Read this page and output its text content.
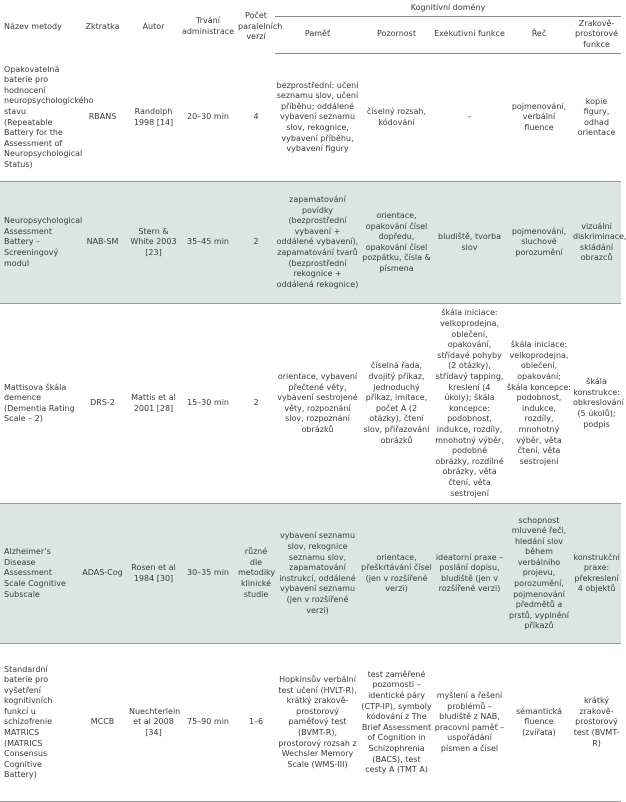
Název metody	Zktratka	Autor	Trvání administrace	Počet paralelních verzí	Kognitivní domény				
					Paměť	Pozornost	Exekutivní funkce	Řeč	Zrakově-prostorové funkce
Opakovatelná baterie pro hodnocení neuropsychologického stavu (Repeatable Battery for the Assessment of Neuropsychological Status)	RBANS	Randolph 1998 [14]	20–30 min	4	bezprostřední: učení seznamu slov, učení příběhu; oddálené vybavení seznamu slov, rekognice, vybavení příběhu, vybavení figury	číselný rozsah, kódování	–	pojmenování, verbální fluence	kopie figury, odhad orientace
Neuropsychological Assessment Battery – Screeningový modul	NAB-SM	Stern & White 2003 [23]	35–45 min	2	zapamatování povídky (bezprostřední vybavení + oddálené vybavení), zapamatování tvarů (bezprostřední rekognice + oddálená rekognice)	orientace, opakování čísel dopředu, opakování čísel pozpátku, čísla & písmena	bludiště, tvorba slov	pojmenování, sluchové porozumění	vizuální diskriminace, skládání obrazců
Mattisova škála demence (Dementia Rating Scale – 2)	DRS-2	Mattis et al 2001 [28]	15–30 min	2	orientace, vybavení přečtené věty, vybavení sestrojené věty, rozpoznání slov, rozpoznání obrázků	číselná řada, dvojitý příkaz, jednoduchý příkaz, imitace, počet A (2 otázky), čtení slov, přiřazování obrázků	škála iniciace: velkoprodejna, oblečení, opakování, střídavé pohyby (2 otázky), střídavý tapping, kreslení (4 úkoly); škála koncepce: podobnost, indukce, rozdíly, mnohotný výběr, podobné obrázky, rozdílné obrázky, věta čtení, věta sestrojení	škála iniciace: velkoprodejna, oblečení, opakování; škála koncepce: podobnost, indukce, rozdíly, mnohotný výběr, věta čtení, věta sestrojení	škála konstrukce: obkreslování (5 úkolů); podpis
Alzheimer’s Disease Assessment Scale Cognitive Subscale	ADAS-Cog	Rosen et al 1984 [30]	30–35 min	různé dle metodiky klinické studie	vybavení seznamu slov, rekognice seznamu slov, zapamatování instrukcí, oddálené vybavení seznamu (jen v rozšířené verzi)	orientace, přeškrtávání čísel (jen v rozšířené verzi)	ideatorní praxe – poslání dopisu, bludiště (jen v rozšířené verzi)	schopnost mluvené řeči, hledání slov během verbálního projevu, porozumění, pojmenování předmětů a prstů, vyplnění příkazů	konstrukční praxe: překreslení 4 objektů
Standardní baterie pro vyšetření kognitivních funkcí u schizofrenie MATRICS (MATRICS Consensus Cognitive Battery)	MCCB	Nuechterlein et al 2008 [34]	75–90 min	1–6	Hopkinsův verbální test učení (HVLT-R), krátký zrakově-prostorový paměťový test (BVMT-R), prostorový rozsah z Wechsler Memory Scale (WMS-III)	test zaměřené pozornosti – identické páry (CTP-IP), symboly kódování z The Brief Assessment of Cognition in Schizophrenia (BACS), test cesty A (TMT A)	myšlení a řešení problémů – bludiště z NAB, pracovní paměť – uspořádání písmen a čísel	sémantická fluence (zvířata)	krátký zrakově-prostorový test (BVMT-R)
